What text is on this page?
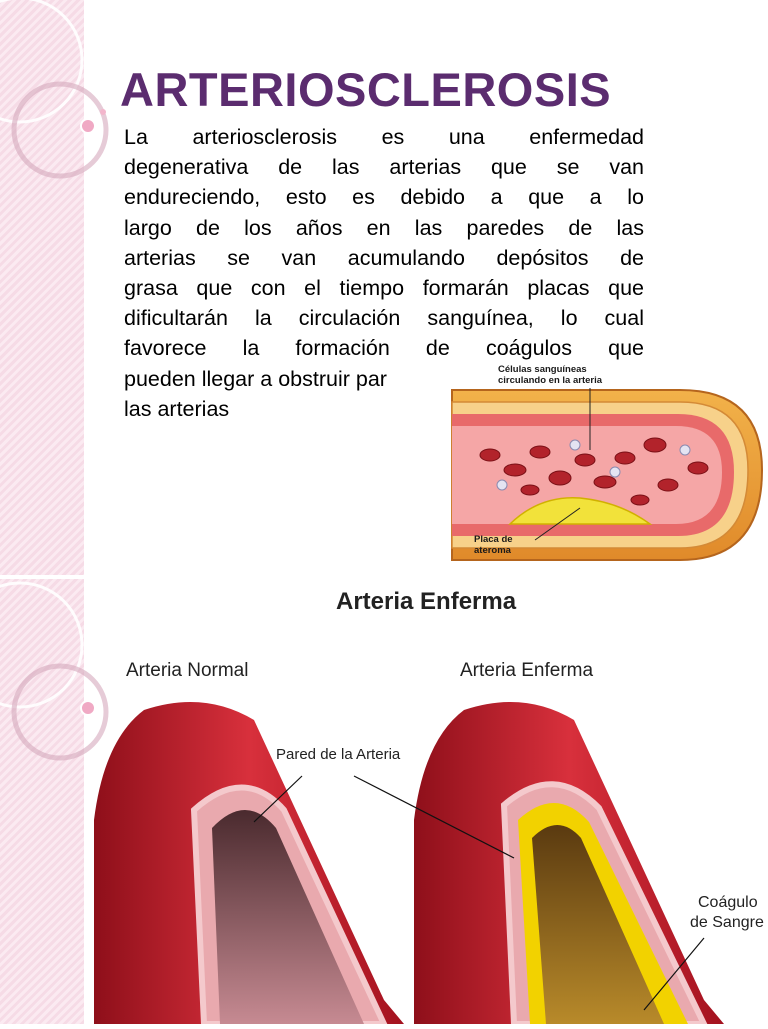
ARTERIOSCLEROSIS
La arteriosclerosis es una enfermedad
degenerativa de las arterias que se van
endureciendo, esto es debido a que a lo
largo de los años en las paredes de las
arterias se van acumulando depósitos de
grasa que con el tiempo formarán placas que
dificultarán la circulación sanguínea, lo cual
favorece la formación de coágulos que
pueden llegar a obstruir par
las arterias
Células sanguíneas
circulando en la arteria
Placa de
ateroma
Arteria Enferma
Arteria Normal	Arteria Enferma
Pared de la Arteria
Coágulo
de Sangre
